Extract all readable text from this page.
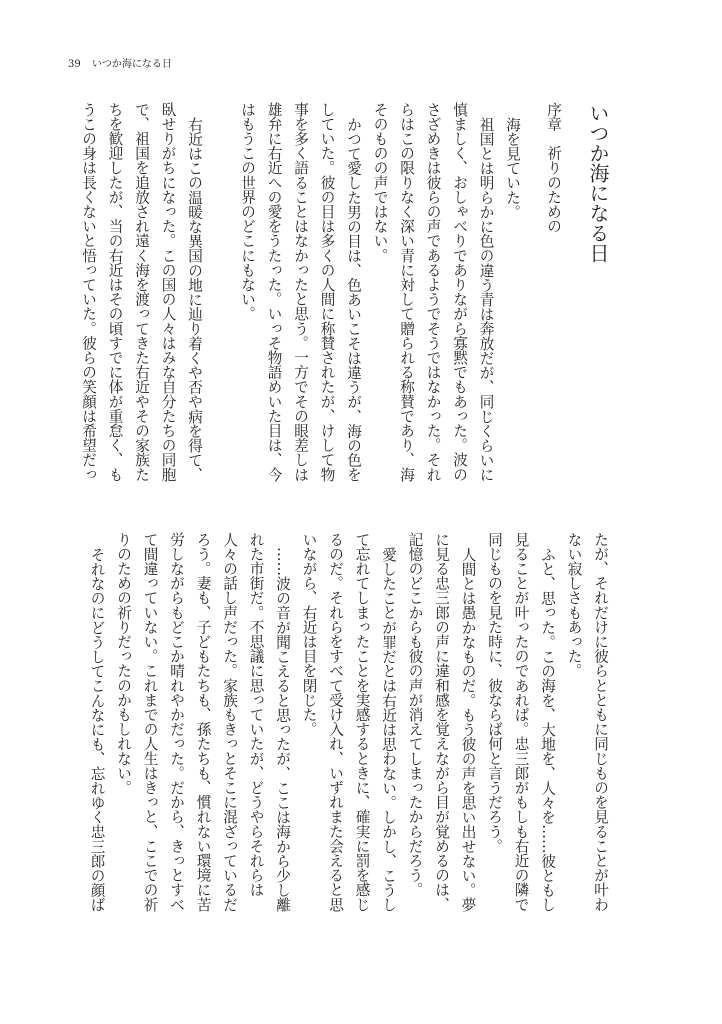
39 いつか海になる日
いつか海になる日
序章　祈りのための
海を見ていた。
祖国とは明らかに色の違う青は奔放だが、同じくらいに
慎ましく、おしゃべりでありながら寡黙でもあった。波の
さざめきは彼らの声であるようでそうではなかった。それ
らはこの限りなく深い青に対して贈られる称賛であり、海
そのものの声ではない。
かつて愛した男の目は、色あいこそは違うが、海の色を
していた。彼の目は多くの人間に称賛されたが、けして物
事を多く語ることはなかったと思う。一方でその眼差しは
雄弁に右近への愛をうたった。いっそ物語めいた目は、今
はもうこの世界のどこにもない。
右近はこの温暖な異国の地に辿り着くや否や病を得て、
臥せりがちになった。この国の人々はみな自分たちの同胞
で、祖国を追放され遠く海を渡ってきた右近やその家族た
ちを歓迎したが、当の右近はその頃すでに体が重怠く、も
うこの身は長くないと悟っていた。彼らの笑顔は希望だっ
たが、それだけに彼らとともに同じものを見ることが叶わ
ない寂しさもあった。
ふと、思った。この海を、大地を、人々を……彼ともし
見ることが叶ったのであれば。忠三郎がもしも右近の隣で
同じものを見た時に、彼ならば何と言うだろう。
人間とは愚かなものだ。もう彼の声を思い出せない。夢
に見る忠三郎の声に違和感を覚えながら目が覚めるのは、
記憶のどこからも彼の声が消えてしまったからだろう。
愛したことが罪だとは右近は思わない。しかし、こうし
て忘れてしまったことを実感するときに、確実に罰を感じ
るのだ。それらをすべて受け入れ、いずれまた会えると思
いながら、右近は目を閉じた。
……波の音が聞こえると思ったが、ここは海から少し離
れた市街だ。不思議に思っていたが、どうやらそれらは
人々の話し声だった。家族もきっとそこに混ざっているだ
ろう。妻も、子どもたちも、孫たちも、慣れない環境に苦
労しながらもどこか晴れやかだった。だから、きっとすべ
て間違っていない。これまでの人生はきっと、ここでの祈
りのための祈りだったのかもしれない。
それなのにどうしてこんなにも、忘れゆく忠三郎の顔ば
